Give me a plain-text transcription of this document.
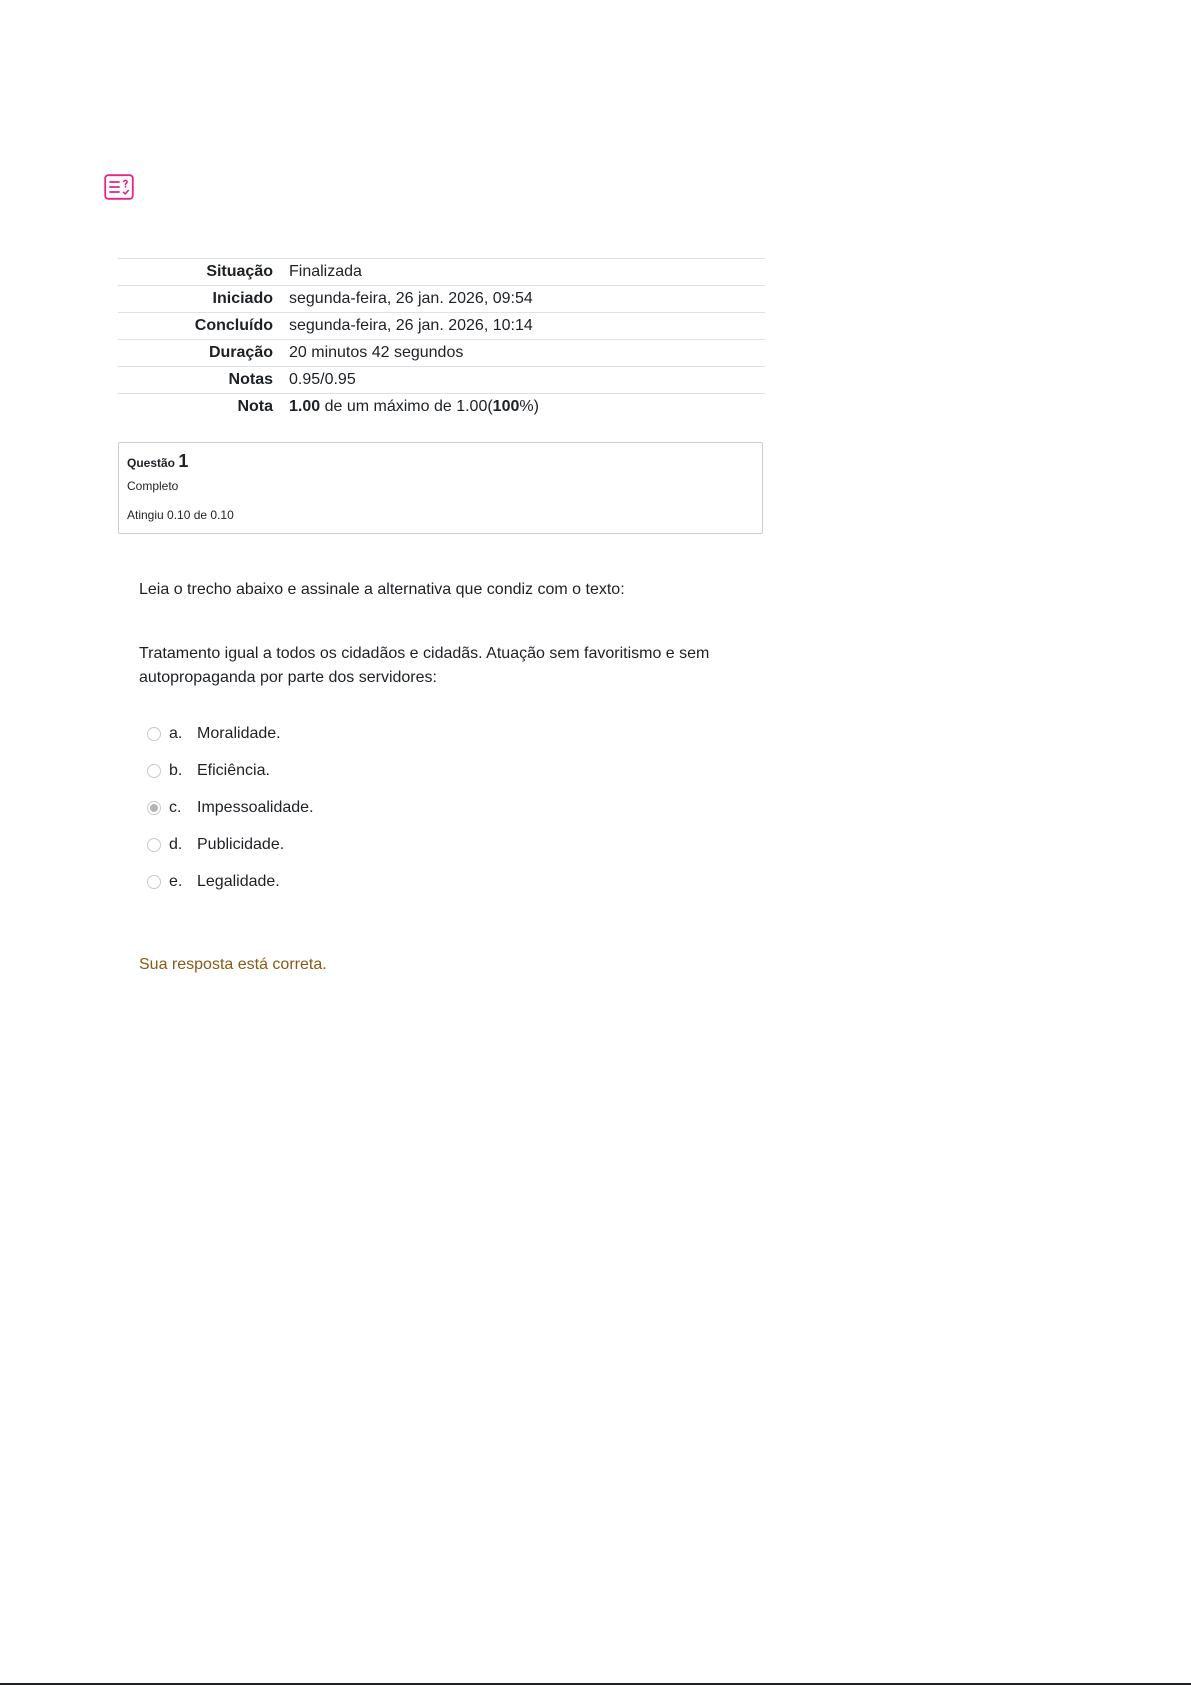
Situação	Finalizada
Iniciado	segunda-feira, 26 jan. 2026, 09:54
Concluído	segunda-feira, 26 jan. 2026, 10:14
Duração	20 minutos 42 segundos
Notas	0.95/0.95
Nota	1.00 de um máximo de 1.00(100%)
Questão 1
Completo
Atingiu 0.10 de 0.10

Leia o trecho abaixo e assinale a alternativa que condiz com o texto:

Tratamento igual a todos os cidadãos e cidadãs. Atuação sem favoritismo e sem autopropaganda por parte dos servidores:

a. Moralidade.
b. Eficiência.
c. Impessoalidade.
d. Publicidade.
e. Legalidade.
Sua resposta está correta.
